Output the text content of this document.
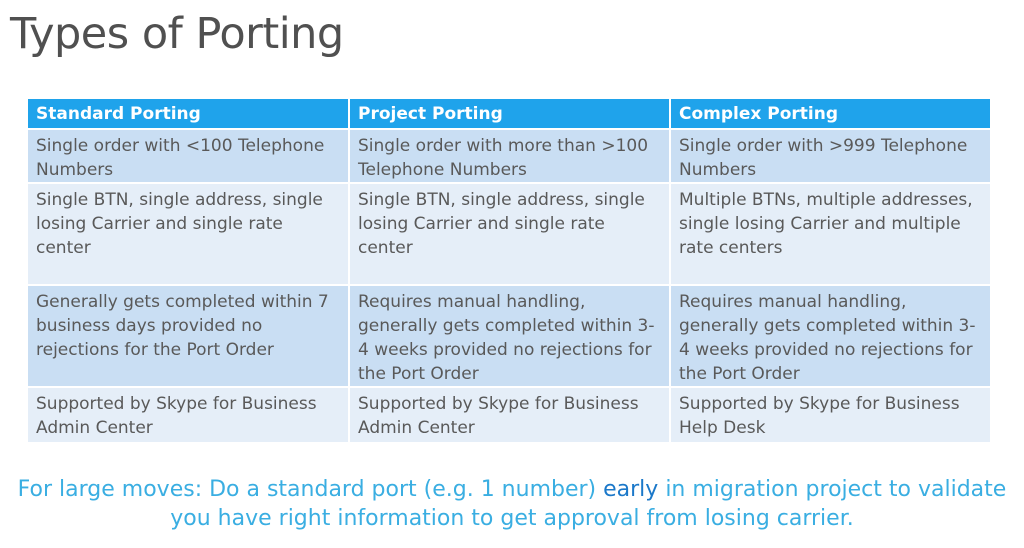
Types of Porting
Standard Porting	Project Porting	Complex Porting
Single order with <100 Telephone Numbers	Single order with more than >100 Telephone Numbers	Single order with >999 Telephone Numbers
Single BTN, single address, single losing Carrier and single rate center	Single BTN, single address, single losing Carrier and single rate center	Multiple BTNs, multiple addresses, single losing Carrier and multiple rate centers
Generally gets completed within 7 business days provided no rejections for the Port Order	Requires manual handling, generally gets completed within 3-4 weeks provided no rejections for the Port Order	Requires manual handling, generally gets completed within 3-4 weeks provided no rejections for the Port Order
Supported by Skype for Business Admin Center	Supported by Skype for Business Admin Center	Supported by Skype for Business Help Desk

For large moves: Do a standard port (e.g. 1 number) early in migration project to validate
you have right information to get approval from losing carrier.
